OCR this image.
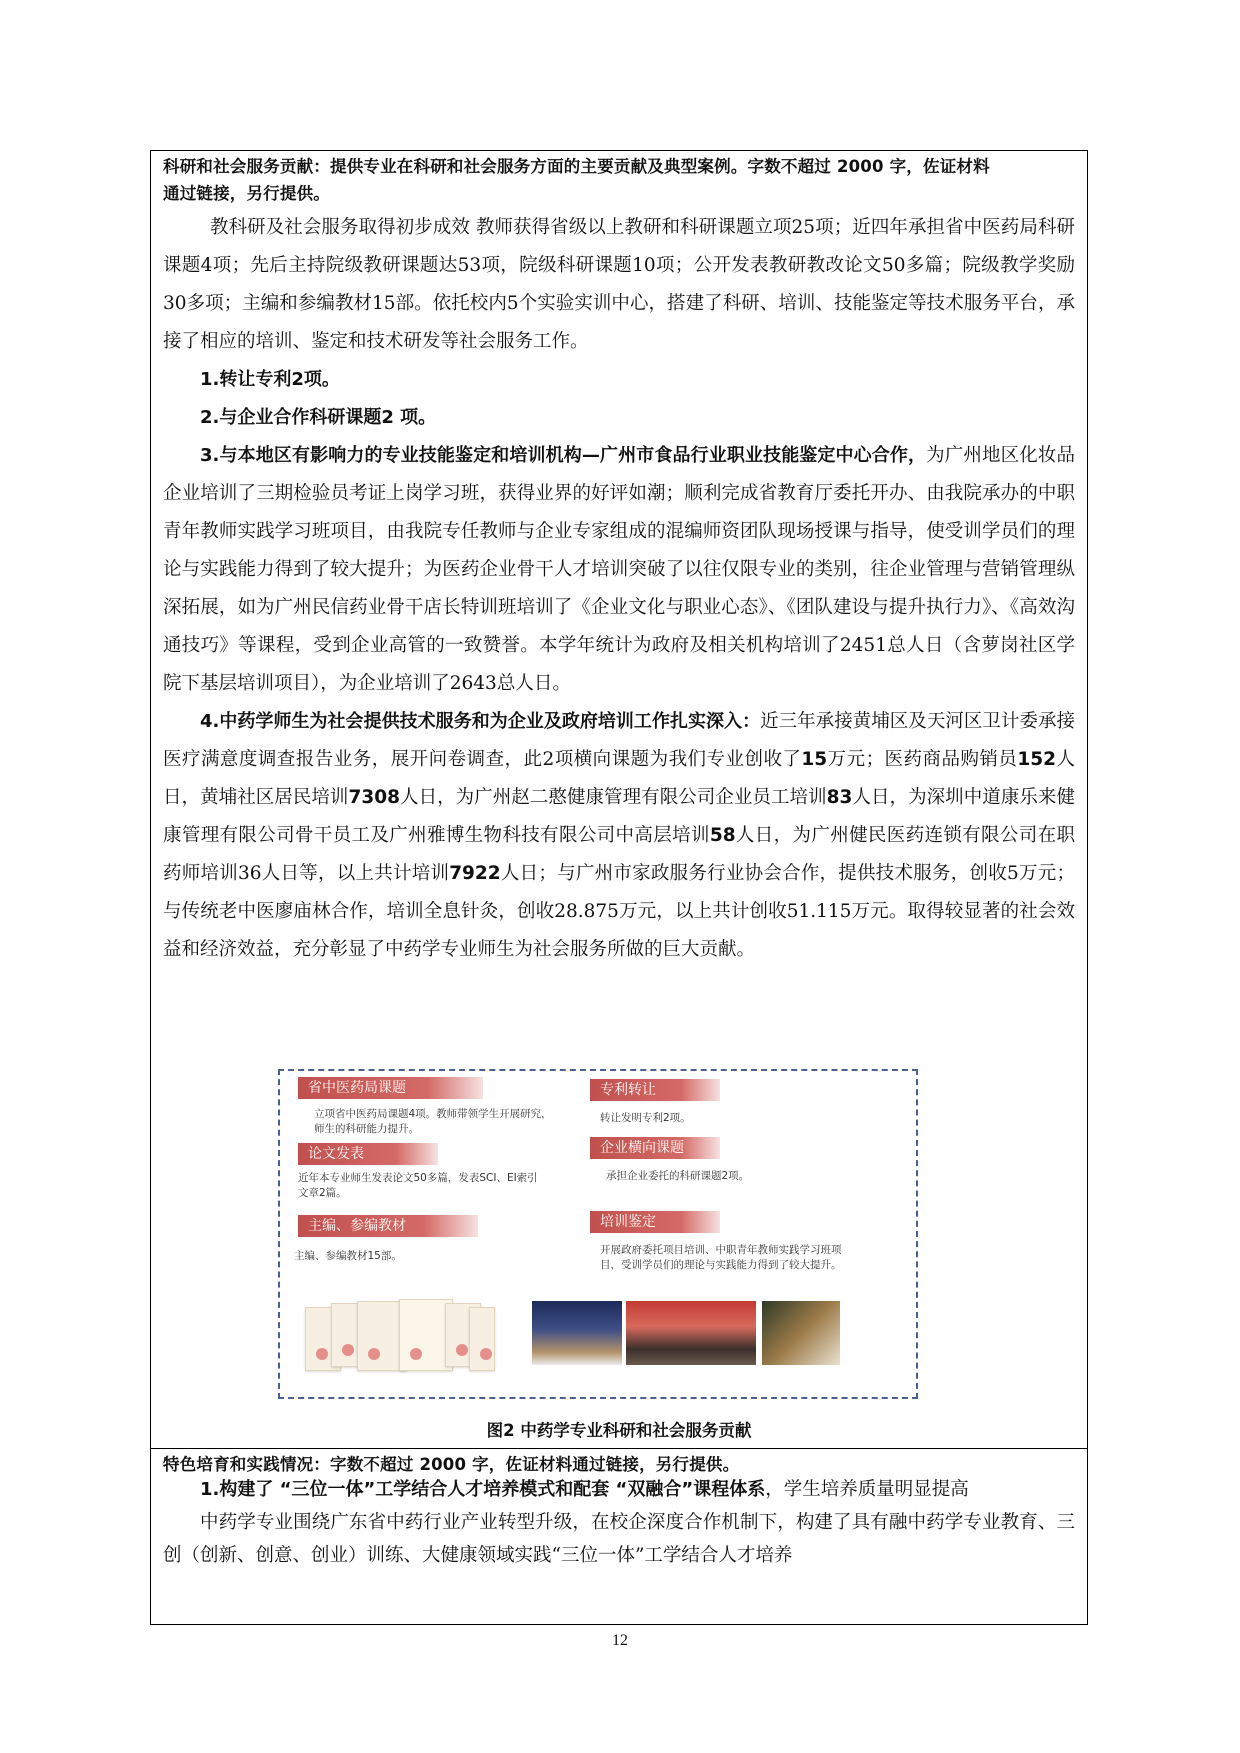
科研和社会服务贡献：提供专业在科研和社会服务方面的主要贡献及典型案例。字数不超过 2000 字，佐证材料
通过链接，另行提供。

教科研及社会服务取得初步成效 教师获得省级以上教研和科研课题立项25项；近四年承担省中医药局科研课题4项；先后主持院级教研课题达53项，院级科研课题10项；公开发表教研教改论文50多篇；院级教学奖励30多项；主编和参编教材15部。依托校内5个实验实训中心，搭建了科研、培训、技能鉴定等技术服务平台，承接了相应的培训、鉴定和技术研发等社会服务工作。

1.转让专利2项。

2.与企业合作科研课题2 项。

3.与本地区有影响力的专业技能鉴定和培训机构—广州市食品行业职业技能鉴定中心合作，为广州地区化妆品企业培训了三期检验员考证上岗学习班，获得业界的好评如潮；顺利完成省教育厅委托开办、由我院承办的中职青年教师实践学习班项目，由我院专任教师与企业专家组成的混编师资团队现场授课与指导，使受训学员们的理论与实践能力得到了较大提升；为医药企业骨干人才培训突破了以往仅限专业的类别，往企业管理与营销管理纵深拓展，如为广州民信药业骨干店长特训班培训了《企业文化与职业心态》、《团队建设与提升执行力》、《高效沟通技巧》等课程，受到企业高管的一致赞誉。本学年统计为政府及相关机构培训了2451总人日（含萝岗社区学院下基层培训项目），为企业培训了2643总人日。

4.中药学师生为社会提供技术服务和为企业及政府培训工作扎实深入：近三年承接黄埔区及天河区卫计委承接医疗满意度调查报告业务，展开问卷调查，此2项横向课题为我们专业创收了15万元；医药商品购销员152人日，黄埔社区居民培训7308人日，为广州赵二憨健康管理有限公司企业员工培训83人日，为深圳中道康乐来健康管理有限公司骨干员工及广州雅博生物科技有限公司中高层培训58人日，为广州健民医药连锁有限公司在职药师培训36人日等，以上共计培训7922人日；与广州市家政服务行业协会合作，提供技术服务，创收5万元；与传统老中医廖庙林合作，培训全息针灸，创收28.875万元，以上共计创收51.115万元。取得较显著的社会效益和经济效益，充分彰显了中药学专业师生为社会服务所做的巨大贡献。

省中医药局课题
立项省中医药局课题4项。教师带领学生开展研究，师生的科研能力提升。
专利转让
转让发明专利2项。
论文发表
近年本专业师生发表论文50多篇，发表SCI、EI索引文章2篇。
企业横向课题
承担企业委托的科研课题2项。
主编、参编教材
主编、参编教材15部。
培训鉴定
开展政府委托项目培训、中职青年教师实践学习班项目，受训学员们的理论与实践能力得到了较大提升。
图2 中药学专业科研和社会服务贡献
特色培育和实践情况：字数不超过 2000 字，佐证材料通过链接，另行提供。

1.构建了 “三位一体”工学结合人才培养模式和配套 “双融合”课程体系，学生培养质量明显提高

中药学专业围绕广东省中药行业产业转型升级，在校企深度合作机制下，构建了具有融中药学专业教育、三创（创新、创意、创业）训练、大健康领域实践“三位一体”工学结合人才培养

12
